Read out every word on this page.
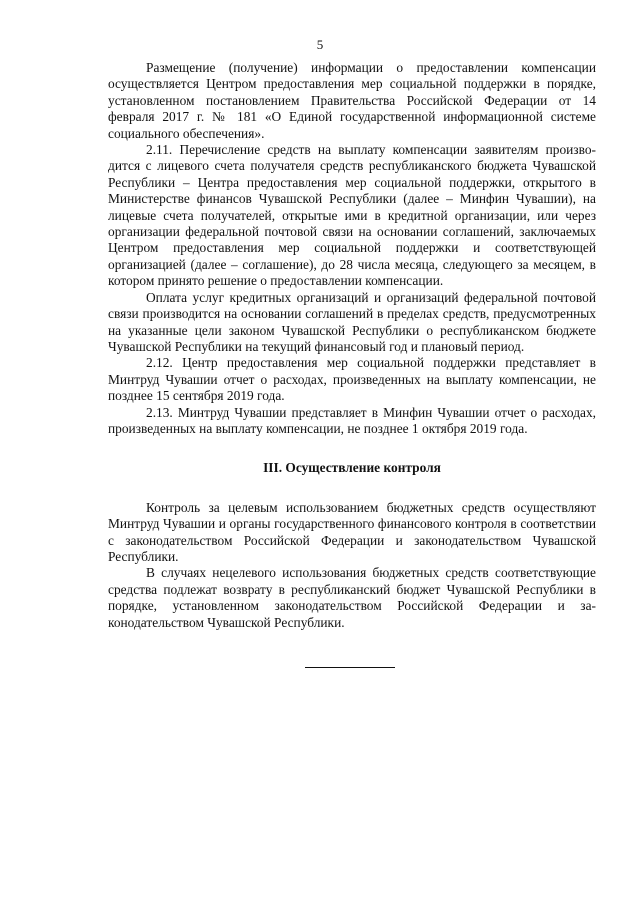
5

Размещение (получение) информации о предоставлении компенсации осуществляется Центром предоставления мер социальной поддержки в порядке, установленном постановлением Правительства Российской Федерации от 14 февраля 2017 г. № 181 «О Единой государственной информационной системе социального обеспечения».

2.11. Перечисление средств на выплату компенсации заявителям производится с лицевого счета получателя средств республиканского бюджета Чувашской Республики – Центра предоставления мер социальной поддержки, открытого в Министерстве финансов Чувашской Республики (далее – Минфин Чувашии), на лицевые счета получателей, открытые ими в кредитной организации, или через организации федеральной почтовой связи на основании соглашений, заключаемых Центром предоставления мер социальной поддержки и соответствующей организацией (далее – соглашение), до 28 числа месяца, следующего за месяцем, в котором принято решение о предоставлении компенсации.

Оплата услуг кредитных организаций и организаций федеральной почтовой связи производится на основании соглашений в пределах средств, предусмотренных на указанные цели законом Чувашской Республики о республиканском бюджете Чувашской Республики на текущий финансовый год и плановый период.

2.12. Центр предоставления мер социальной поддержки представляет в Минтруд Чувашии отчет о расходах, произведенных на выплату компенсации, не позднее 15 сентября 2019 года.

2.13. Минтруд Чувашии представляет в Минфин Чувашии отчет о расходах, произведенных на выплату компенсации, не позднее 1 октября 2019 года.

III. Осуществление контроля

Контроль за целевым использованием бюджетных средств осуществляют Минтруд Чувашии и органы государственного финансового контроля в соответствии с законодательством Российской Федерации и законодательством Чувашской Республики.

В случаях нецелевого использования бюджетных средств соответствующие средства подлежат возврату в республиканский бюджет Чувашской Республики в порядке, установленном законодательством Российской Федерации и законодательством Чувашской Республики.
